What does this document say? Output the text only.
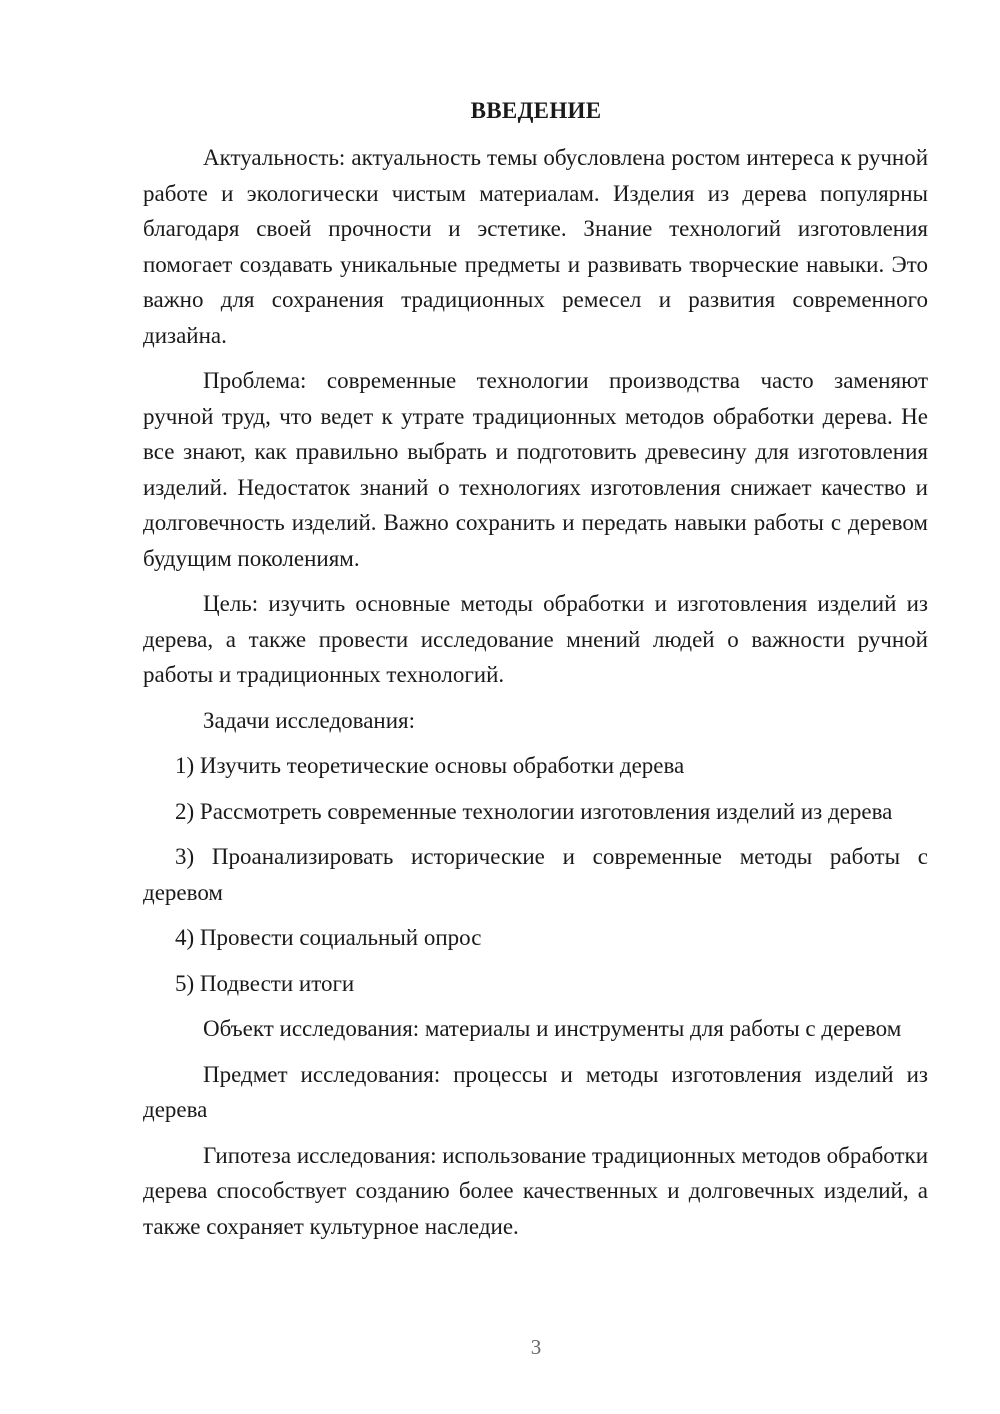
ВВЕДЕНИЕ

Актуальность: актуальность темы обусловлена ростом интереса к ручной работе и экологически чистым материалам. Изделия из дерева популярны благодаря своей прочности и эстетике. Знание технологий изготовления помогает создавать уникальные предметы и развивать творческие навыки. Это важно для сохранения традиционных ремесел и развития современного дизайна.

Проблема: современные технологии производства часто заменяют ручной труд, что ведет к утрате традиционных методов обработки дерева. Не все знают, как правильно выбрать и подготовить древесину для изготовления изделий. Недостаток знаний о технологиях изготовления снижает качество и долговечность изделий. Важно сохранить и передать навыки работы с деревом будущим поколениям.

Цель: изучить основные методы обработки и изготовления изделий из дерева, а также провести исследование мнений людей о важности ручной работы и традиционных технологий.

Задачи исследования:

1) Изучить теоретические основы обработки дерева

2) Рассмотреть современные технологии изготовления изделий из дерева

3) Проанализировать исторические и современные методы работы с деревом

4) Провести социальный опрос

5) Подвести итоги

Объект исследования: материалы и инструменты для работы с деревом

Предмет исследования: процессы и методы изготовления изделий из дерева

Гипотеза исследования: использование традиционных методов обработки дерева способствует созданию более качественных и долговечных изделий, а также сохраняет культурное наследие.

3
